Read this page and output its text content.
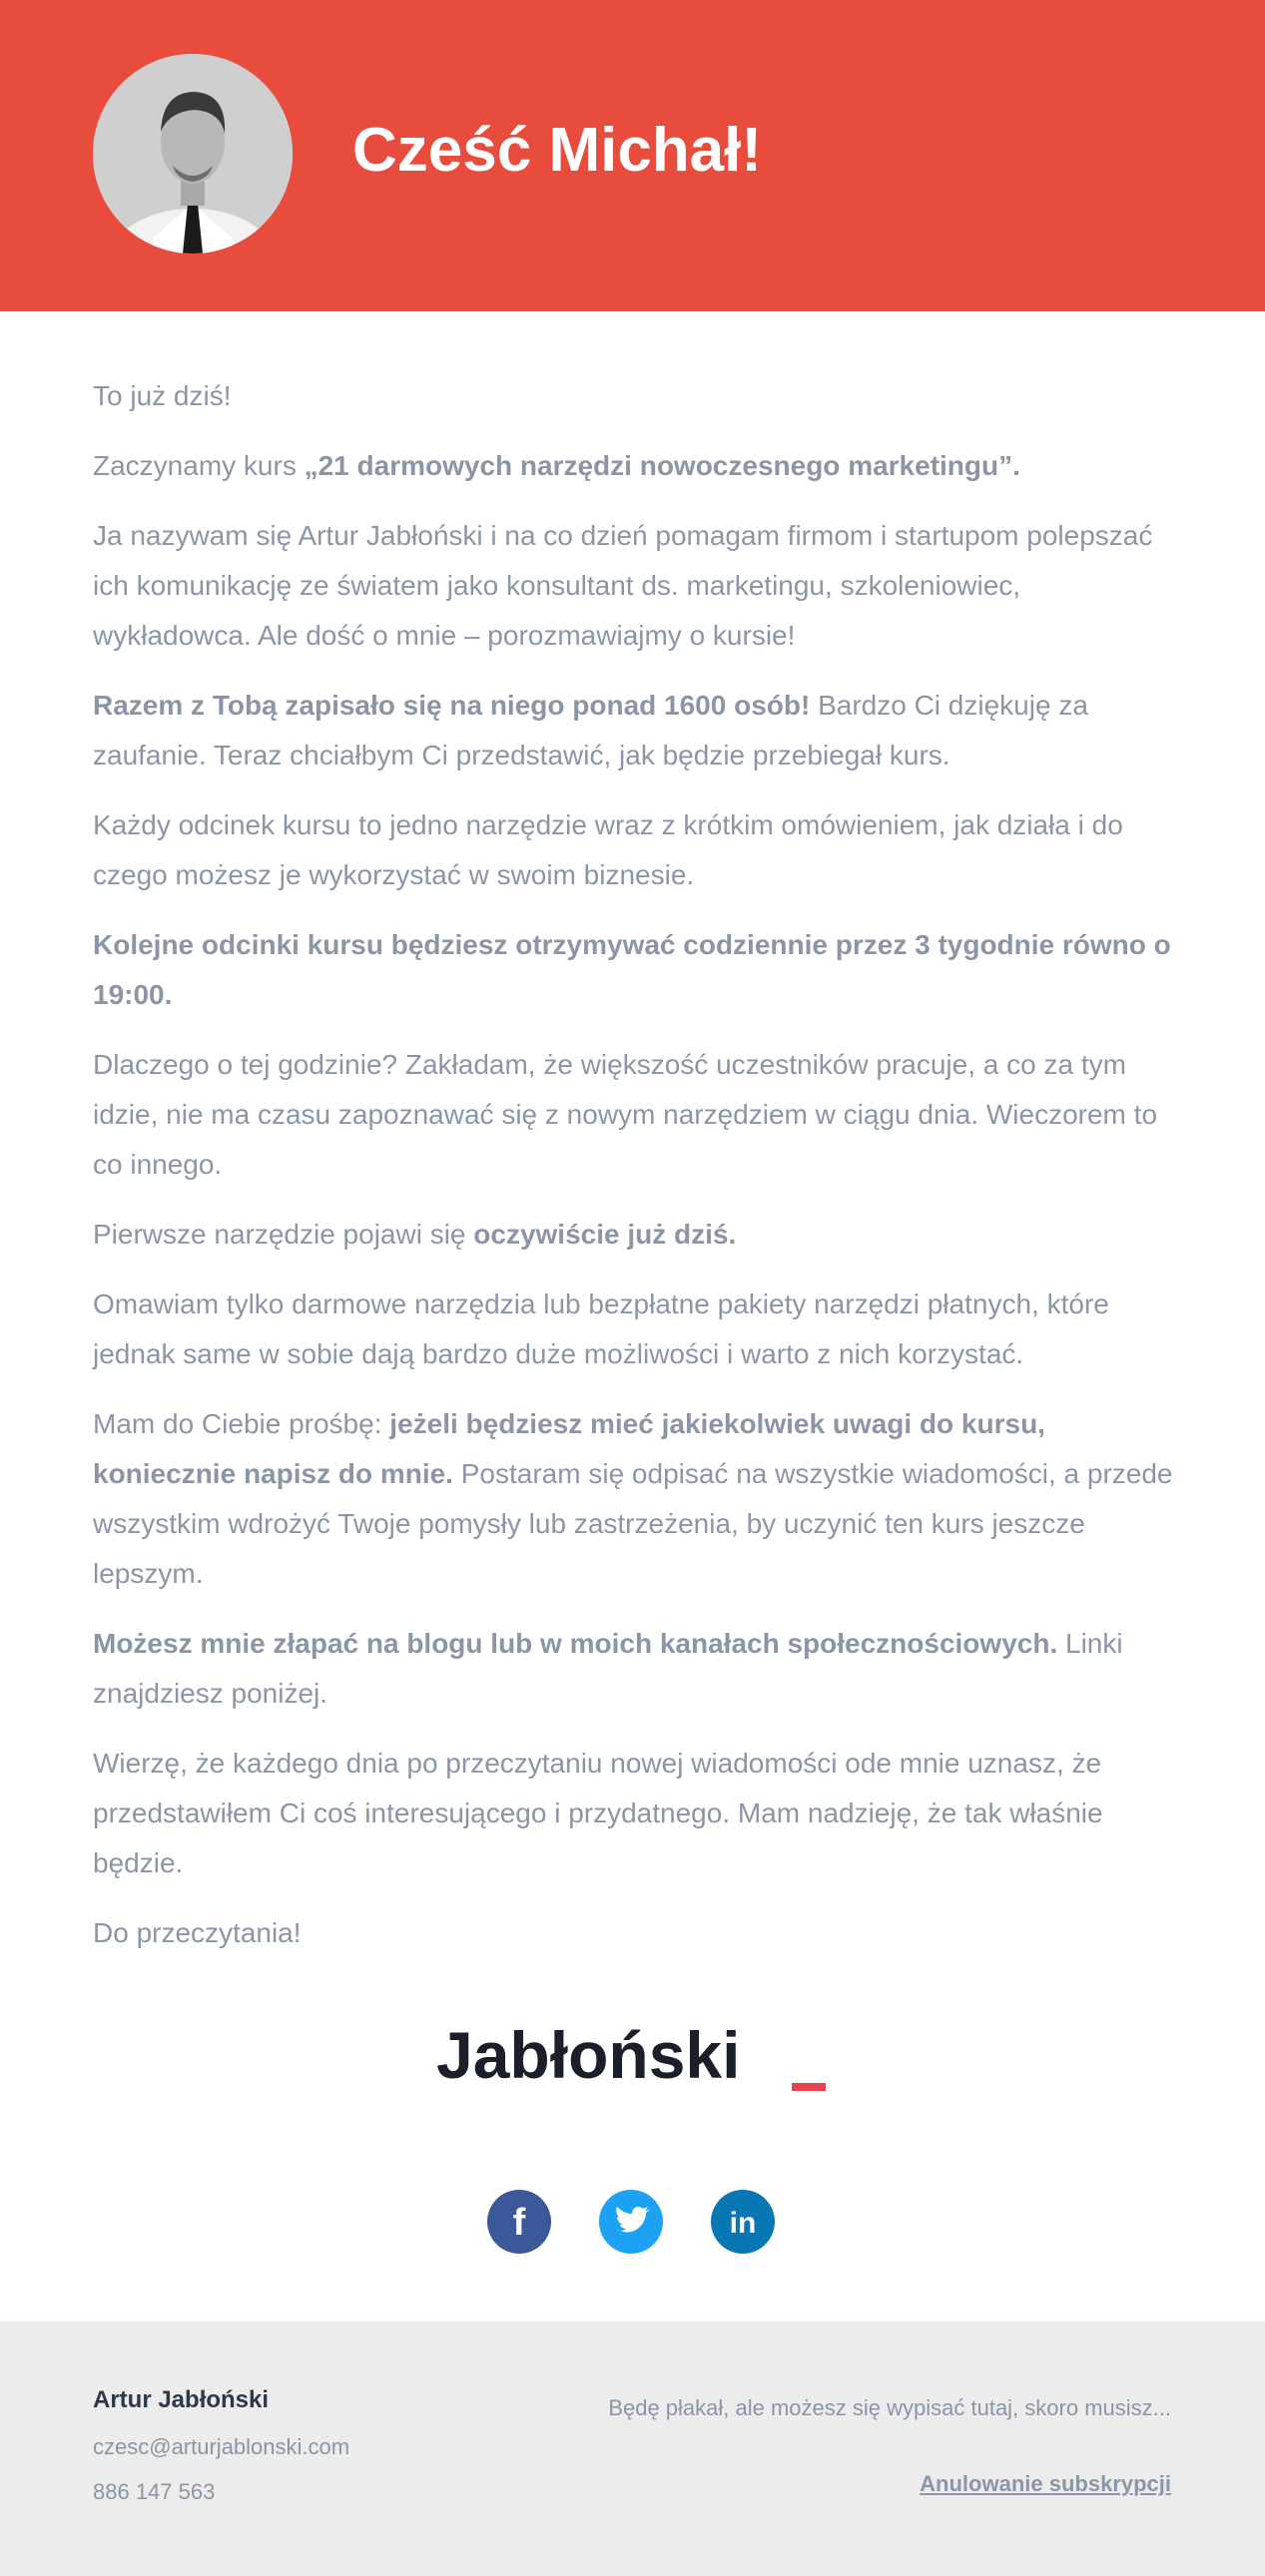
Cześć Michał!

To już dziś!

Zaczynamy kurs „21 darmowych narzędzi nowoczesnego marketingu”.

Ja nazywam się Artur Jabłoński i na co dzień pomagam firmom i startupom polepszać ich komunikację ze światem jako konsultant ds. marketingu, szkoleniowiec, wykładowca. Ale dość o mnie – porozmawiajmy o kursie!

Razem z Tobą zapisało się na niego ponad 1600 osób! Bardzo Ci dziękuję za zaufanie. Teraz chciałbym Ci przedstawić, jak będzie przebiegał kurs.

Każdy odcinek kursu to jedno narzędzie wraz z krótkim omówieniem, jak działa i do czego możesz je wykorzystać w swoim biznesie.

Kolejne odcinki kursu będziesz otrzymywać codziennie przez 3 tygodnie równo o 19:00.

Dlaczego o tej godzinie? Zakładam, że większość uczestników pracuje, a co za tym idzie, nie ma czasu zapoznawać się z nowym narzędziem w ciągu dnia. Wieczorem to co innego.

Pierwsze narzędzie pojawi się oczywiście już dziś.

Omawiam tylko darmowe narzędzia lub bezpłatne pakiety narzędzi płatnych, które jednak same w sobie dają bardzo duże możliwości i warto z nich korzystać.

Mam do Ciebie prośbę: jeżeli będziesz mieć jakiekolwiek uwagi do kursu, koniecznie napisz do mnie. Postaram się odpisać na wszystkie wiadomości, a przede wszystkim wdrożyć Twoje pomysły lub zastrzeżenia, by uczynić ten kurs jeszcze lepszym.

Możesz mnie złapać na blogu lub w moich kanałach społecznościowych. Linki znajdziesz poniżej.

Wierzę, że każdego dnia po przeczytaniu nowej wiadomości ode mnie uznasz, że przedstawiłem Ci coś interesującego i przydatnego. Mam nadzieję, że tak właśnie będzie.

Do przeczytania!

Jabłoński
f	in
Artur Jabłoński
czesc@arturjablonski.com
886 147 563
Będę płakał, ale możesz się wypisać tutaj, skoro musisz...
Anulowanie subskrypcji
